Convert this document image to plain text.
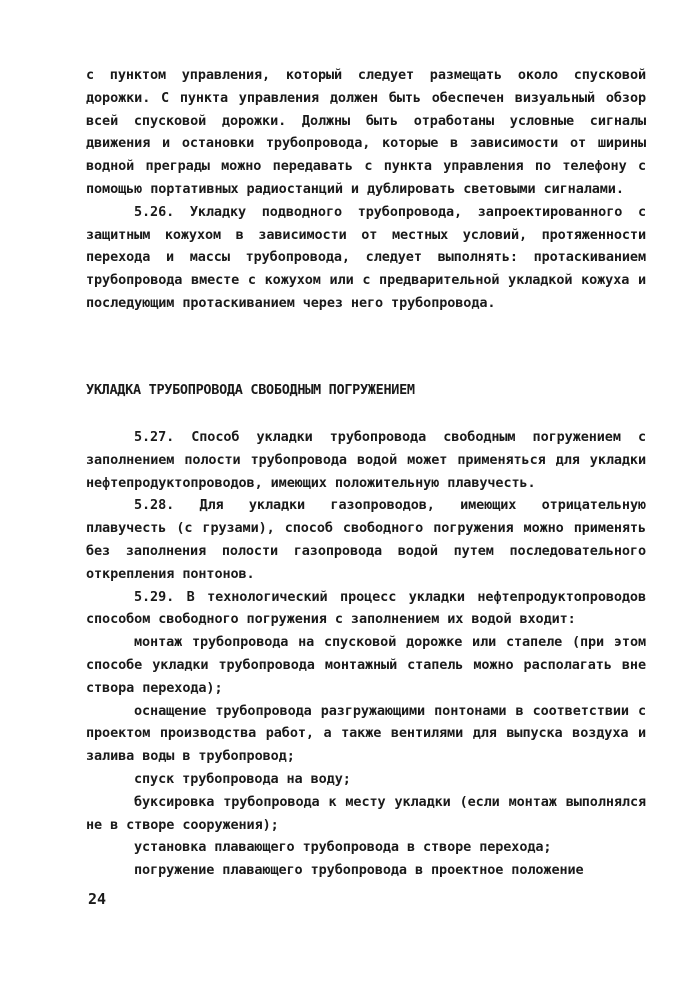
с пунктом управления, который следует размещать около спусковой дорожки. С пункта управления должен быть обеспечен визуальный обзор всей спусковой дорожки. Должны быть отработаны условные сигналы движения и остановки трубопровода, которые в зависимости от ширины водной преграды можно передавать с пункта управления по телефону с помощью портативных радиостанций и дублировать световыми сигналами.

5.26. Укладку подводного трубопровода, запроектированного с защитным кожухом в зависимости от местных условий, протяженности перехода и массы трубопровода, следует выполнять: протаскиванием трубопровода вместе с кожухом или с предварительной укладкой кожуха и последующим протаскиванием через него трубопровода.

УКЛАДКА ТРУБОПРОВОДА СВОБОДНЫМ ПОГРУЖЕНИЕМ

5.27. Способ укладки трубопровода свободным погружением с заполнением полости трубопровода водой может применяться для укладки нефтепродуктопроводов, имеющих положительную плавучесть.

5.28. Для укладки газопроводов, имеющих отрицательную плавучесть (с грузами), способ свободного погружения можно применять без заполнения полости газопровода водой путем последовательного открепления понтонов.

5.29. В технологический процесс укладки нефтепродуктопроводов способом свободного погружения с заполнением их водой входит:

монтаж трубопровода на спусковой дорожке или стапеле (при этом способе укладки трубопровода монтажный стапель можно располагать вне створа перехода);

оснащение трубопровода разгружающими понтонами в соответствии с проектом производства работ, а также вентилями для выпуска воздуха и залива воды в трубопровод;

спуск трубопровода на воду;

буксировка трубопровода к месту укладки (если монтаж выполнялся не в створе сооружения);

установка плавающего трубопровода в створе перехода;

погружение плавающего трубопровода в проектное положение

24
